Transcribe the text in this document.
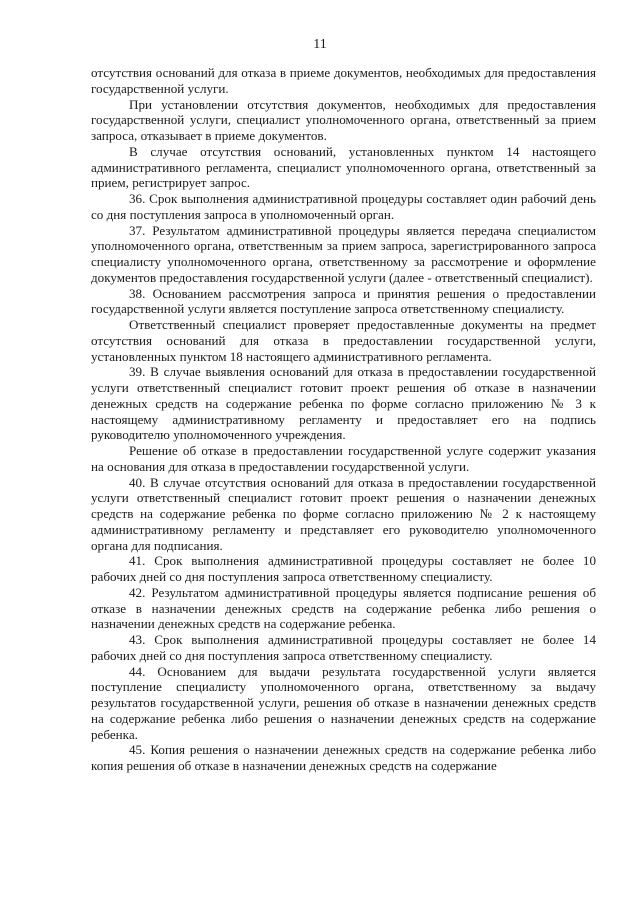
11

отсутствия оснований для отказа в приеме документов, необходимых для предоставления государственной услуги.

При установлении отсутствия документов, необходимых для предоставления государственной услуги, специалист уполномоченного органа, ответственный за прием запроса, отказывает в приеме документов.

В случае отсутствия оснований, установленных пунктом 14 настоящего административного регламента, специалист уполномоченного органа, ответственный за прием, регистрирует запрос.

36. Срок выполнения административной процедуры составляет один рабочий день со дня поступления запроса в уполномоченный орган.

37. Результатом административной процедуры является передача специалистом уполномоченного органа, ответственным за прием запроса, зарегистрированного запроса специалисту уполномоченного органа, ответственному за рассмотрение и оформление документов предоставления государственной услуги (далее - ответственный специалист).

38. Основанием рассмотрения запроса и принятия решения о предоставлении государственной услуги является поступление запроса ответственному специалисту.

Ответственный специалист проверяет предоставленные документы на предмет отсутствия оснований для отказа в предоставлении государственной услуги, установленных пунктом 18 настоящего административного регламента.

39. В случае выявления оснований для отказа в предоставлении государственной услуги ответственный специалист готовит проект решения об отказе в назначении денежных средств на содержание ребенка по форме согласно приложению № 3 к настоящему административному регламенту и предоставляет его на подпись руководителю уполномоченного учреждения.

Решение об отказе в предоставлении государственной услуге содержит указания на основания для отказа в предоставлении государственной услуги.

40. В случае отсутствия оснований для отказа в предоставлении государственной услуги ответственный специалист готовит проект решения о назначении денежных средств на содержание ребенка по форме согласно приложению № 2 к настоящему административному регламенту и представляет его руководителю уполномоченного органа для подписания.

41. Срок выполнения административной процедуры составляет не более 10 рабочих дней со дня поступления запроса ответственному специалисту.

42. Результатом административной процедуры является подписание решения об отказе в назначении денежных средств на содержание ребенка либо решения о назначении денежных средств на содержание ребенка.

43. Срок выполнения административной процедуры составляет не более 14 рабочих дней со дня поступления запроса ответственному специалисту.

44. Основанием для выдачи результата государственной услуги является поступление специалисту уполномоченного органа, ответственному за выдачу результатов государственной услуги, решения об отказе в назначении денежных средств на содержание ребенка либо решения о назначении денежных средств на содержание ребенка.

45. Копия решения о назначении денежных средств на содержание ребенка либо копия решения об отказе в назначении денежных средств на содержание
